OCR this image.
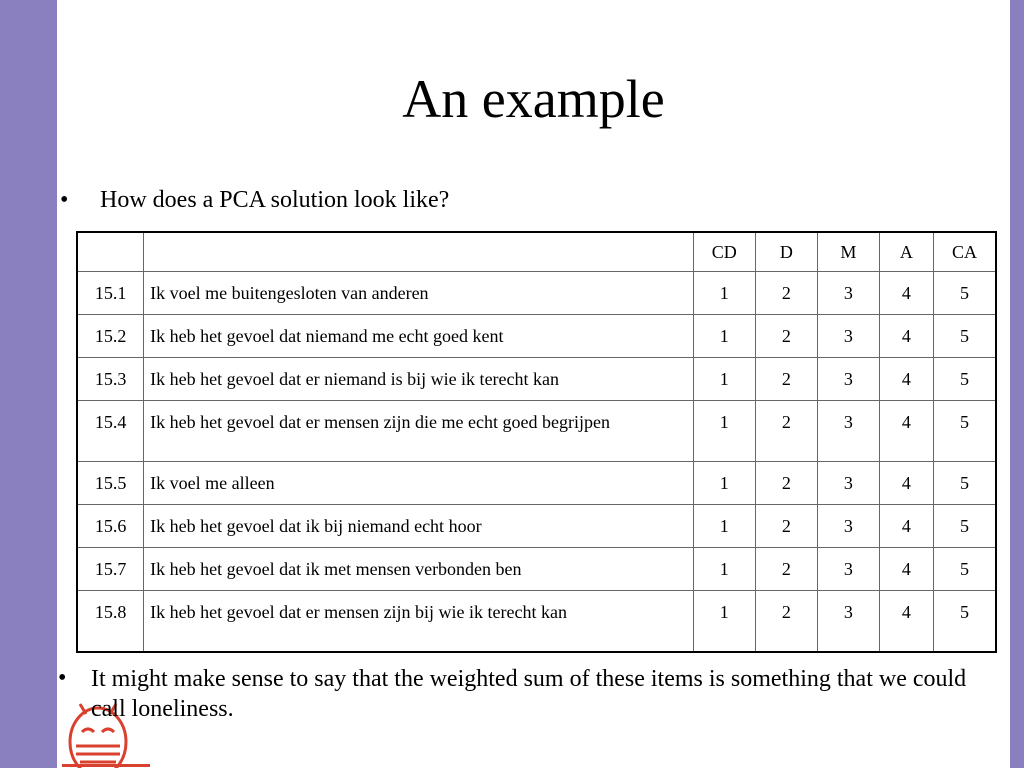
An example
• How does a PCA solution look like?
		CD	D	M	A	CA
15.1	Ik voel me buitengesloten van anderen	1	2	3	4	5
15.2	Ik heb het gevoel dat niemand me echt goed kent	1	2	3	4	5
15.3	Ik heb het gevoel dat er niemand is bij wie ik terecht kan	1	2	3	4	5
15.4	Ik heb het gevoel dat er mensen zijn die me echt goed begrijpen	1	2	3	4	5
15.5	Ik voel me alleen	1	2	3	4	5
15.6	Ik heb het gevoel dat ik bij niemand echt hoor	1	2	3	4	5
15.7	Ik heb het gevoel dat ik met mensen verbonden ben	1	2	3	4	5
15.8	Ik heb het gevoel dat er mensen zijn bij wie ik terecht kan	1	2	3	4	5
• It might make sense to say that the weighted sum of these items is something that we could call loneliness.
